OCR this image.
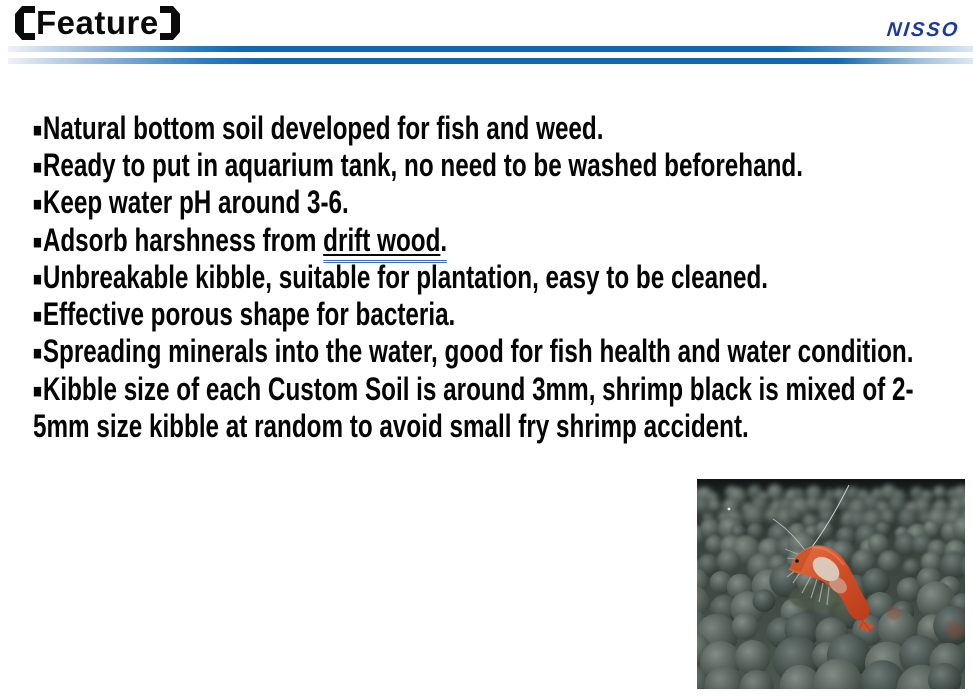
Feature	NISSO

■Natural bottom soil developed for fish and weed.

■Ready to put in aquarium tank, no need to be washed beforehand.

■Keep water pH around 3-6.

■Adsorb harshness from drift wood.

■Unbreakable kibble, suitable for plantation, easy to be cleaned.

■Effective porous shape for bacteria.

■Spreading minerals into the water, good for fish health and water condition.

■Kibble size of each Custom Soil is around 3mm, shrimp black is mixed of 2-5mm size kibble at random to avoid small fry shrimp accident.
